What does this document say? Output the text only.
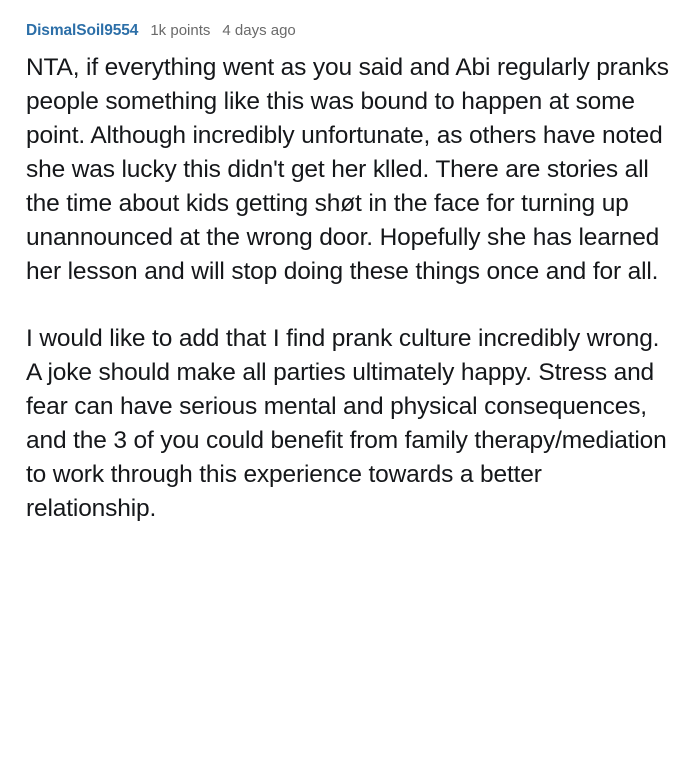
DismalSoil9554 1k points 4 days ago

NTA, if everything went as you said and Abi regularly pranks people something like this was bound to happen at some point. Although incredibly unfortunate, as others have noted she was lucky this didn't get her klled. There are stories all the time about kids getting shøt in the face for turning up unannounced at the wrong door. Hopefully she has learned her lesson and will stop doing these things once and for all.

I would like to add that I find prank culture incredibly wrong. A joke should make all parties ultimately happy. Stress and fear can have serious mental and physical consequences, and the 3 of you could benefit from family therapy/mediation to work through this experience towards a better relationship.
